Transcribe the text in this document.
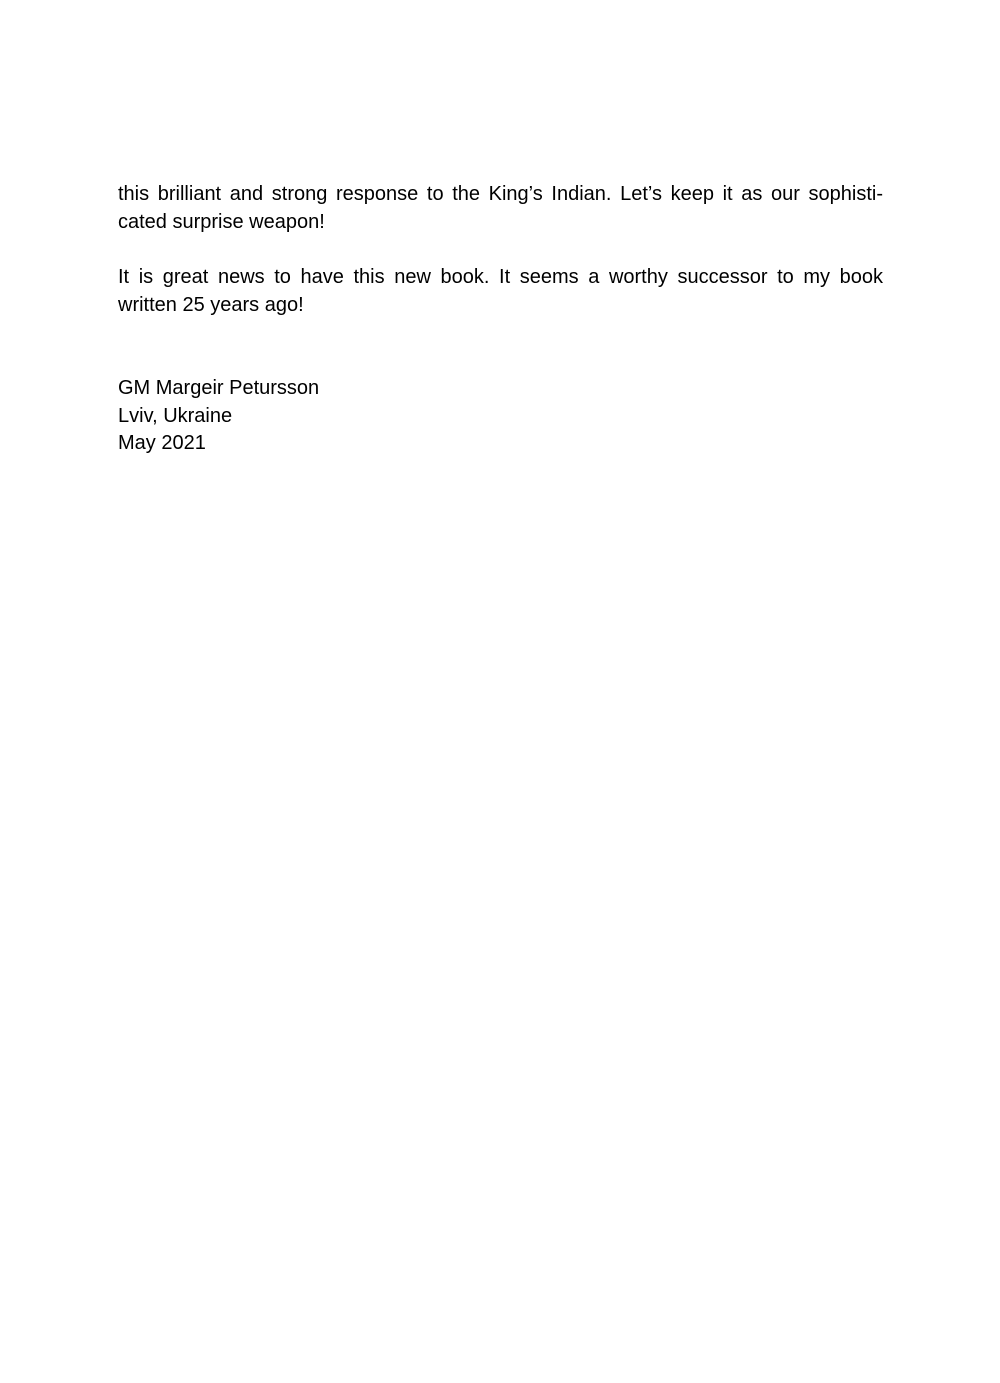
this brilliant and strong response to the King’s Indian. Let’s keep it as our sophisti-
cated surprise weapon!

It is great news to have this new book. It seems a worthy successor to my book
written 25 years ago!

GM Margeir Petursson
Lviv, Ukraine
May 2021
